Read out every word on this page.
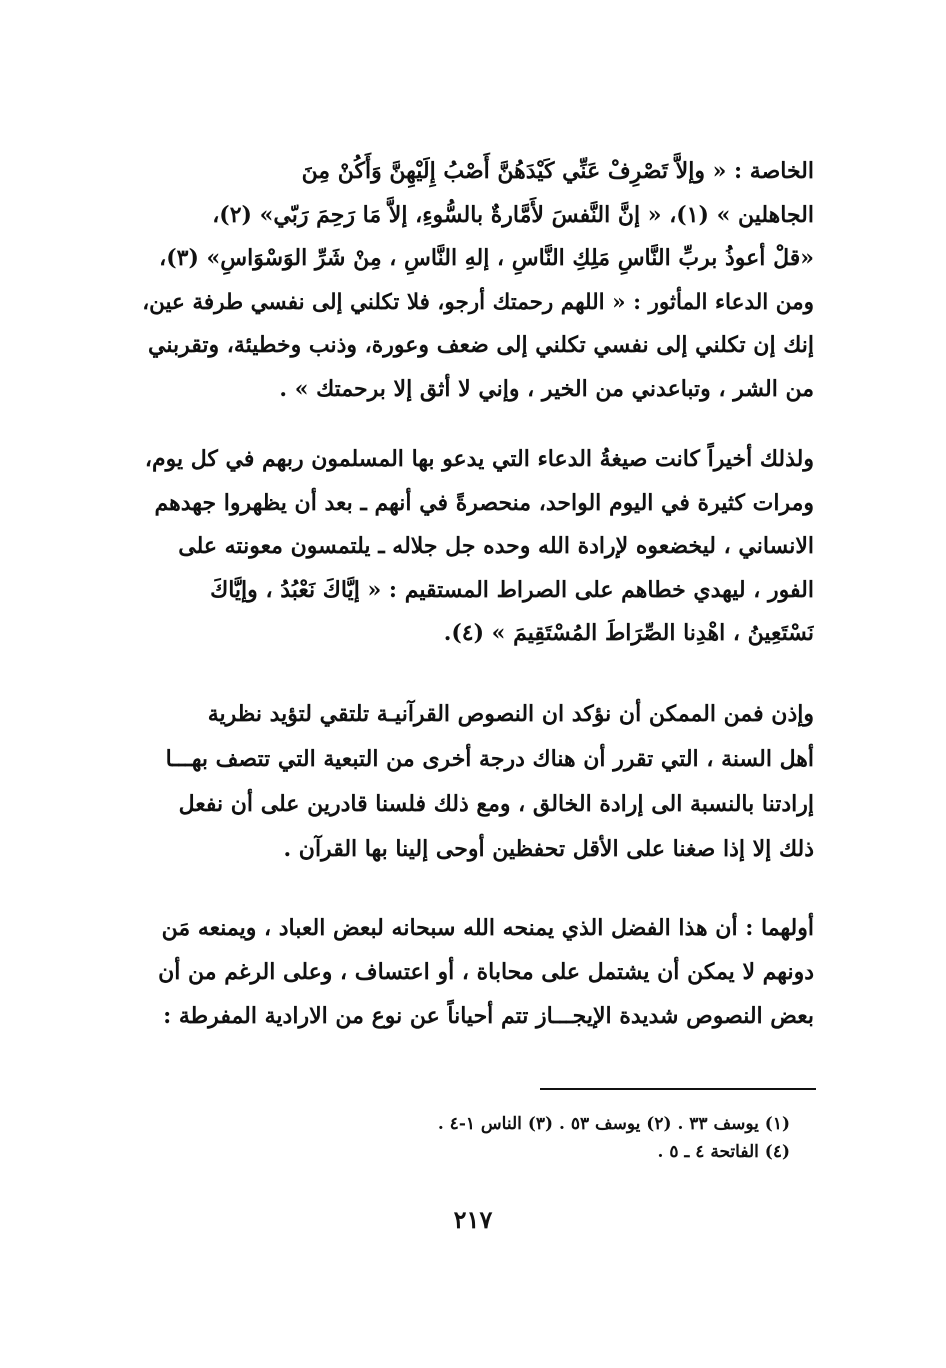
الخاصة : « وإلاَّ تَصْرِفْ عَنِّي كَيْدَهُنَّ أَصْبُ إِلَيْهِنَّ وَأَكُنْ مِنَ
الجاهلين » (١)، « إنَّ النَّفسَ لأَمَّارةٌ بالسُّوءِ، إلاَّ مَا رَحِمَ رَبّي» (٢)،
«قلْ أعوذُ بربِّ النَّاسِ مَلِكِ النَّاسِ ، إلهِ النَّاسِ ، مِنْ شَرِّ الوَسْوَاسِ» (٣)،
ومن الدعاء المأثور : « اللهم رحمتك أرجو، فلا تكلني إلى نفسي طرفة عين،
إنك إن تكلني إلى نفسي تكلني إلى ضعف وعورة، وذنب وخطيئة، وتقربني
من الشر ، وتباعدني من الخير ، وإني لا أثق إلا برحمتك » .
ولذلك أخيراً كانت صيغةُ الدعاء التي يدعو بها المسلمون ربهم في كل يوم،
ومرات كثيرة في اليوم الواحد، منحصرةً في أنهم ـ بعد أن يظهروا جهدهم
الانساني ، ليخضعوه لإرادة الله وحده جل جلاله ـ يلتمسون معونته على
الفور ، ليهدي خطاهم على الصراط المستقيم : « إيَّاكَ نَعْبُدُ ، وإيَّاكَ
نَسْتَعِينُ ، اهْدِنا الصِّرَاطَ المُسْتَقِيمَ » (٤).
وإذن فمن الممكن أن نؤكد ان النصوص القرآنيـة تلتقي لتؤيد نظرية
أهل السنة ، التي تقرر أن هناك درجة أخرى من التبعية التي تتصف بهـــا
إرادتنا بالنسبة الى إرادة الخالق ، ومع ذلك فلسنا قادرين على أن نفعل
ذلك إلا إذا صغنا على الأقل تحفظين أوحى إلينا بها القرآن .
أولهما : أن هذا الفضل الذي يمنحه الله سبحانه لبعض العباد ، ويمنعه مَن
دونهم لا يمكن أن يشتمل على محاباة ، أو اعتساف ، وعلى الرغم من أن
بعض النصوص شديدة الإيجـــاز تتم أحياناً عن نوع من الارادية المفرطة :
(١) يوسف ٣٣ . (٢) يوسف ٥٣ . (٣) الناس ١-٤ .
(٤) الفاتحة ٤ ـ ٥ .
٢١٧
